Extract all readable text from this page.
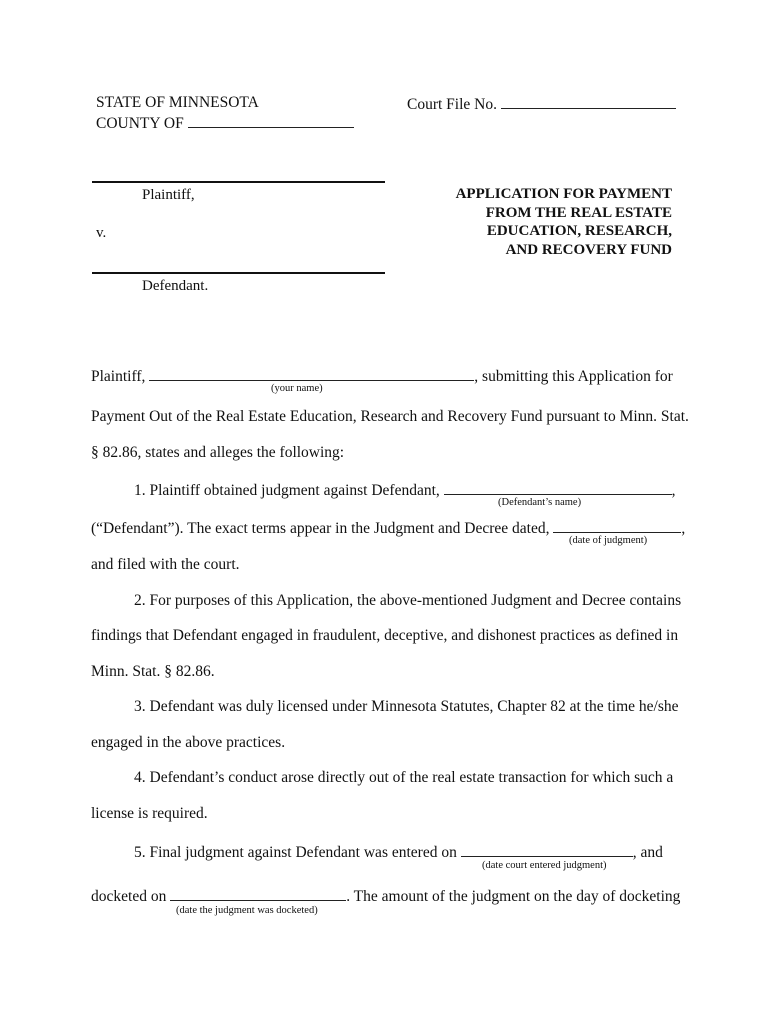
STATE OF MINNESOTA
COUNTY OF
Court File No.
Plaintiff,
v.
Defendant.
APPLICATION FOR PAYMENT
FROM THE REAL ESTATE
EDUCATION, RESEARCH,
AND RECOVERY FUND
Plaintiff,	, submitting this Application for
(your name)
Payment Out of the Real Estate Education, Research and Recovery Fund pursuant to Minn. Stat.
§ 82.86, states and alleges the following:
1. Plaintiff obtained judgment against Defendant,	,
(Defendant’s name)
(“Defendant”). The exact terms appear in the Judgment and Decree dated,	,
(date of judgment)
and filed with the court.
2. For purposes of this Application, the above-mentioned Judgment and Decree contains
findings that Defendant engaged in fraudulent, deceptive, and dishonest practices as defined in
Minn. Stat. § 82.86.
3. Defendant was duly licensed under Minnesota Statutes, Chapter 82 at the time he/she
engaged in the above practices.
4. Defendant’s conduct arose directly out of the real estate transaction for which such a
license is required.
5. Final judgment against Defendant was entered on	, and
(date court entered judgment)
docketed on	. The amount of the judgment on the day of docketing
(date the judgment was docketed)
